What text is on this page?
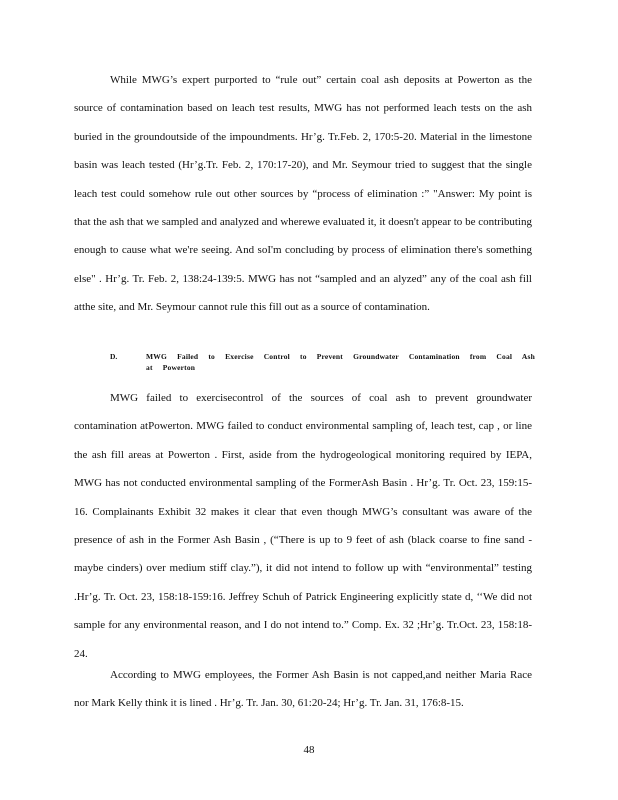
While MWG’s expert purported to “rule out” certain coal ash deposits at Powerton as the source of contamination based on leach test results, MWG has not performed leach tests on the ash buried in the groundoutside of the impoundments. Hr’g. Tr.Feb. 2, 170:5-20. Material in the limestone basin was leach tested (Hr’g.Tr. Feb. 2, 170:17-20), and Mr. Seymour tried to suggest that the single leach test could somehow rule out other sources by “process of elimination :” "Answer: My point is that the ash that we sampled and analyzed and wherewe evaluated it, it doesn't appear to be contributing enough to cause what we're seeing. And soI'm concluding by process of elimination there's something else" . Hr’g. Tr. Feb. 2, 138:24-139:5. MWG has not “sampled and an alyzed” any of the coal ash fill atthe site, and Mr. Seymour cannot rule this fill out as a source of contamination.

D.	MWG Failed to Exercise Control to Prevent Groundwater Contamination from Coal Ash at Powerton

MWG failed to exercisecontrol of the sources of coal ash to prevent groundwater contamination atPowerton. MWG failed to conduct environmental sampling of, leach test, cap , or line the ash fill areas at Powerton . First, aside from the hydrogeological monitoring required by IEPA, MWG has not conducted environmental sampling of the FormerAsh Basin . Hr’g. Tr. Oct. 23, 159:15-16. Complainants Exhibit 32 makes it clear that even though MWG’s consultant was aware of the presence of ash in the Former Ash Basin , (“There is up to 9 feet of ash (black coarse to fine sand - maybe cinders) over medium stiff clay.”), it did not intend to follow up with “environmental” testing .Hr’g. Tr. Oct. 23, 158:18-159:16. Jeffrey Schuh of Patrick Engineering explicitly state d, ‘‘We did not sample for any environmental reason, and I do not intend to.” Comp. Ex. 32 ;Hr’g. Tr.Oct. 23, 158:18-24.

According to MWG employees, the Former Ash Basin is not capped,and neither Maria Race nor Mark Kelly think it is lined . Hr’g. Tr. Jan. 30, 61:20-24; Hr’g. Tr. Jan. 31, 176:8-15.

48
